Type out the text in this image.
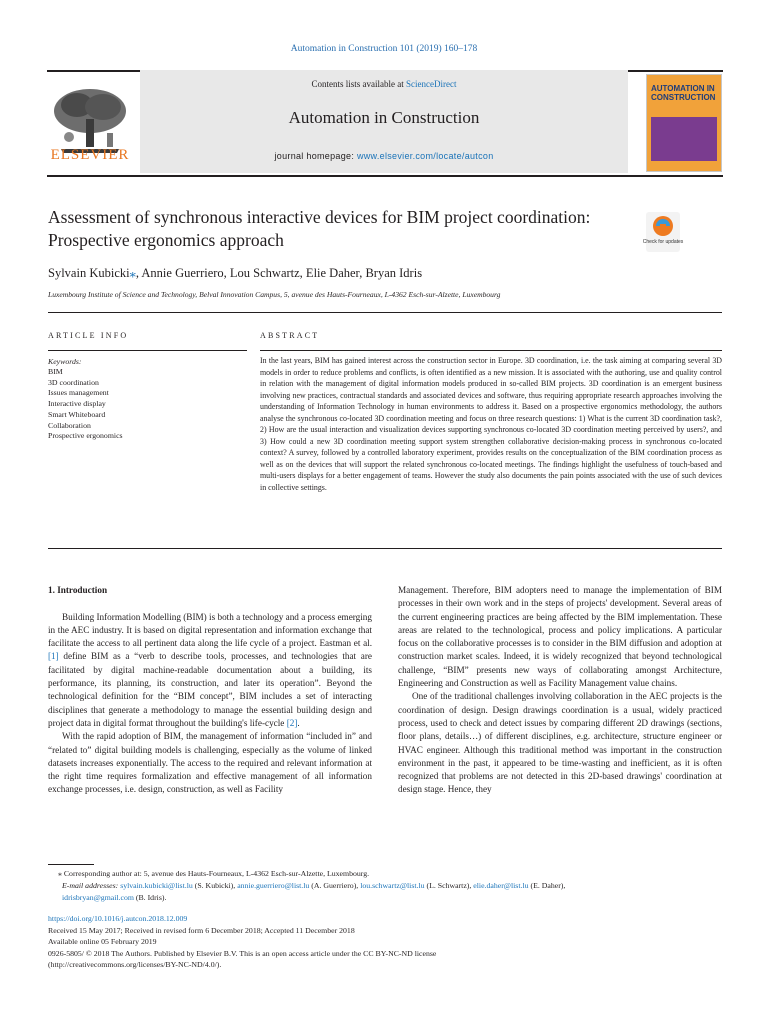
Automation in Construction 101 (2019) 160–178
ELSEVIER
Contents lists available at ScienceDirect
Automation in Construction
journal homepage: www.elsevier.com/locate/autcon
AUTOMATION IN CONSTRUCTION
Assessment of synchronous interactive devices for BIM project coordination: Prospective ergonomics approach	Check for updates
Sylvain Kubicki⁎, Annie Guerriero, Lou Schwartz, Elie Daher, Bryan Idris
Luxembourg Institute of Science and Technology, Belval Innovation Campus, 5, avenue des Hauts-Fourneaux, L-4362 Esch-sur-Alzette, Luxembourg
ARTICLE INFO	ABSTRACT
Keywords:
BIM
3D coordination
Issues management
Interactive display
Smart Whiteboard
Collaboration
Prospective ergonomics
In the last years, BIM has gained interest across the construction sector in Europe. 3D coordination, i.e. the task aiming at comparing several 3D models in order to reduce problems and conflicts, is often identified as a new mission. It is associated with the authoring, use and quality control in relation with the management of digital information models produced in so-called BIM projects. 3D coordination is an emergent business involving new practices, contractual standards and associated devices and software, thus requiring appropriate research approaches involving the understanding of Information Technology in human environments to address it. Based on a prospective ergonomics methodology, the authors analyse the synchronous co-located 3D coordination meeting and focus on three research questions: 1) What is the current 3D coordination task?, 2) How are the usual interaction and visualization devices supporting synchronous co-located 3D coordination meeting perceived by users?, and 3) How could a new 3D coordination meeting support system strengthen collaborative decision-making process in synchronous co-located context? A survey, followed by a controlled laboratory experiment, provides results on the conceptualization of the BIM coordination process as well as on the devices that will support the related synchronous co-located meetings. The findings highlight the usefulness of touch-based and multi-users displays for a better engagement of teams. However the study also documents the pain points associated with the use of such devices in collective settings.
1. Introduction

Building Information Modelling (BIM) is both a technology and a process emerging in the AEC industry. It is based on digital representation and information exchange that facilitate the access to all pertinent data along the life cycle of a project. Eastman et al. [1] define BIM as a “verb to describe tools, processes, and technologies that are facilitated by digital machine-readable documentation about a building, its performance, its planning, its construction, and later its operation”. Beyond the technological definition for the “BIM concept”, BIM includes a set of interacting disciplines that generate a methodology to manage the essential building design and project data in digital format throughout the building's life-cycle [2].

With the rapid adoption of BIM, the management of information “included in” and “related to” digital building models is challenging, especially as the volume of linked datasets increases exponentially. The access to the required and relevant information at the right time requires formalization and effective management of all information exchange processes, i.e. design, construction, as well as Facility

Management. Therefore, BIM adopters need to manage the implementation of BIM processes in their own work and in the steps of projects' development. Several areas of the current engineering practices are being affected by the BIM implementation. These areas are related to the technological, process and policy implications. A particular focus on the collaborative processes is to consider in the BIM diffusion and adoption at construction market scales. Indeed, it is widely recognized that beyond technological challenge, “BIM” presents new ways of collaborating amongst Architecture, Engineering and Construction as well as Facility Management value chains.

One of the traditional challenges involving collaboration in the AEC projects is the coordination of design. Design drawings coordination is a usual, widely practiced process, used to check and detect issues by comparing different 2D drawings (sections, floor plans, details…) of different disciplines, e.g. architecture, structure engineer or HVAC engineer. Although this traditional method was important in the construction environment in the past, it appeared to be time-wasting and inefficient, as it is often recognized that problems are not detected in this 2D-based drawings' coordination at design stage. Hence, they

⁎ Corresponding author at: 5, avenue des Hauts-Fourneaux, L-4362 Esch-sur-Alzette, Luxembourg.
E-mail addresses: sylvain.kubicki@list.lu (S. Kubicki), annie.guerriero@list.lu (A. Guerriero), lou.schwartz@list.lu (L. Schwartz), elie.daher@list.lu (E. Daher),
idrisbryan@gmail.com (B. Idris).
https://doi.org/10.1016/j.autcon.2018.12.009
Received 15 May 2017; Received in revised form 6 December 2018; Accepted 11 December 2018
Available online 05 February 2019
0926-5805/ © 2018 The Authors. Published by Elsevier B.V. This is an open access article under the CC BY-NC-ND license
(http://creativecommons.org/licenses/BY-NC-ND/4.0/).
